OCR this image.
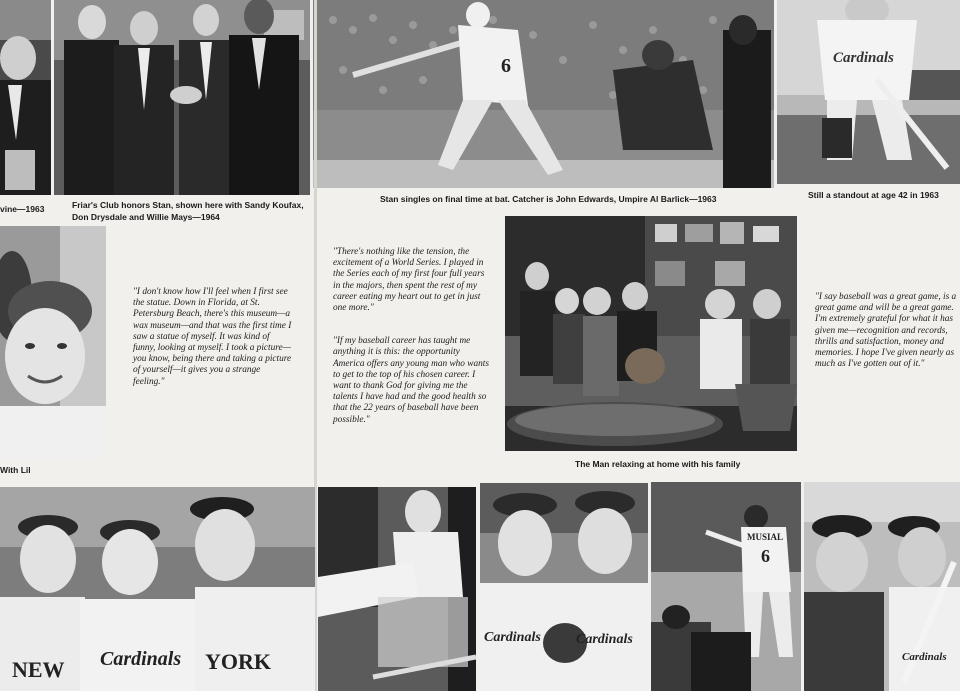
6	Cardinals
vine—1963	Friar's Club honors Stan, shown here with Sandy Koufax, Don Drysdale and Willie Mays—1964
Stan singles on final time at bat. Catcher is John Edwards, Umpire Al Barlick—1963	Still a standout at age 42 in 1963
With Lil

"I don't know how I'll feel when I first see the statue. Down in Florida, at St. Petersburg Beach, there's this museum—a wax museum—and that was the first time I saw a statue of myself. It was kind of funny, looking at myself. I took a picture—you know, being there and taking a picture of yourself—it gives you a strange feeling."

"There's nothing like the tension, the excitement of a World Series. I played in the Series each of my first four full years in the majors, then spent the rest of my career eating my heart out to get in just one more."

"If my baseball career has taught me anything it is this: the opportunity America offers any young man who wants to get to the top of his chosen career. I want to thank God for giving me the talents I have had and the good health so that the 22 years of baseball have been possible."

The Man relaxing at home with his family

"I say baseball was a great game, is a great game and will be a great game. I'm extremely grateful for what it has given me—recognition and records, thrills and satisfaction, money and memories. I hope I've given nearly as much as I've gotten out of it."

NEW Cardinals YORK
Cardinals	Cardinals
MUSIAL
6
Cardinals
